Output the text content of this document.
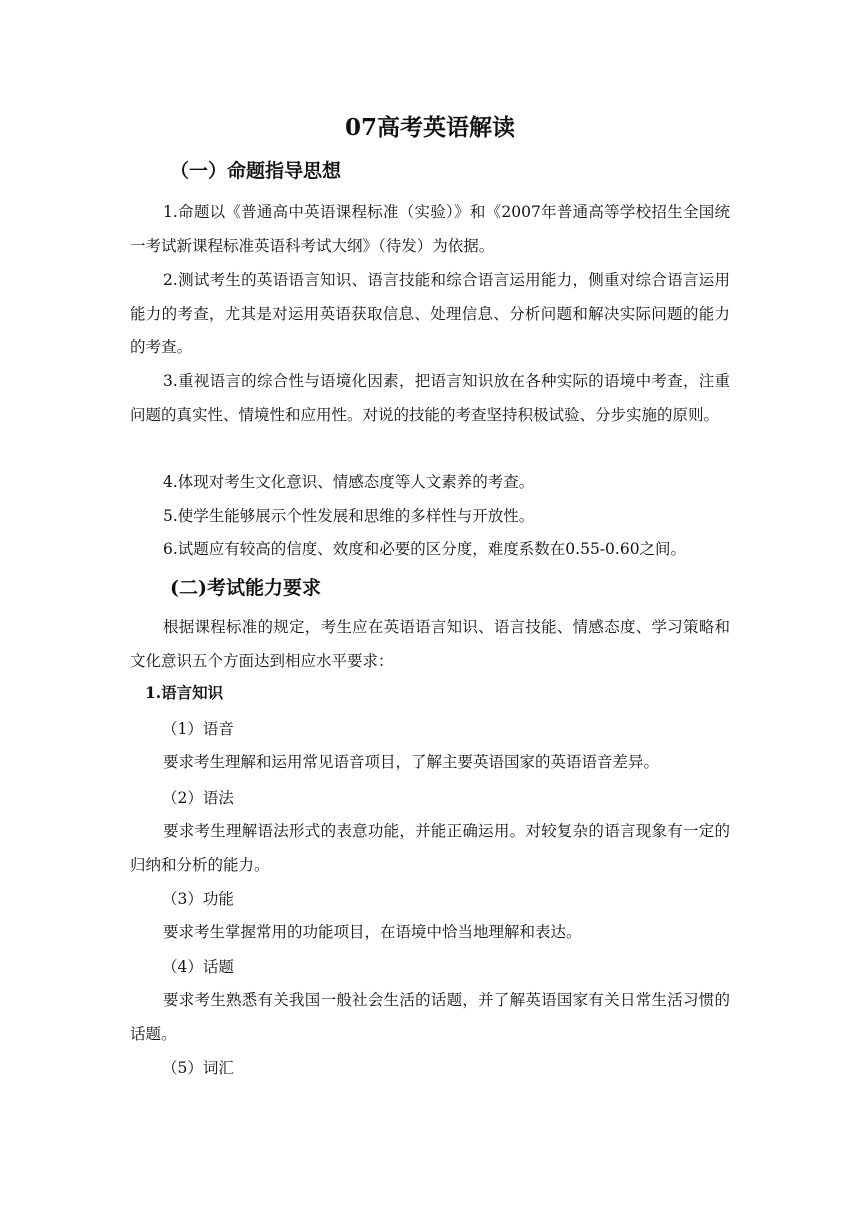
07高考英语解读
（一）命题指导思想
1.命题以《普通高中英语课程标准（实验）》和《2007年普通高等学校招生全国统一考试新课程标准英语科考试大纲》（待发）为依据。
2.测试考生的英语语言知识、语言技能和综合语言运用能力，侧重对综合语言运用能力的考查，尤其是对运用英语获取信息、处理信息、分析问题和解决实际问题的能力的考查。
3.重视语言的综合性与语境化因素，把语言知识放在各种实际的语境中考查，注重问题的真实性、情境性和应用性。对说的技能的考查坚持积极试验、分步实施的原则。
4.体现对考生文化意识、情感态度等人文素养的考查。
5.使学生能够展示个性发展和思维的多样性与开放性。
6.试题应有较高的信度、效度和必要的区分度，难度系数在0.55-0.60之间。
(二)考试能力要求
根据课程标准的规定，考生应在英语语言知识、语言技能、情感态度、学习策略和文化意识五个方面达到相应水平要求：
1.语言知识
（1）语音
要求考生理解和运用常见语音项目，了解主要英语国家的英语语音差异。
（2）语法
要求考生理解语法形式的表意功能，并能正确运用。对较复杂的语言现象有一定的归纳和分析的能力。
（3）功能
要求考生掌握常用的功能项目，在语境中恰当地理解和表达。
（4）话题
要求考生熟悉有关我国一般社会生活的话题，并了解英语国家有关日常生活习惯的话题。
（5）词汇
